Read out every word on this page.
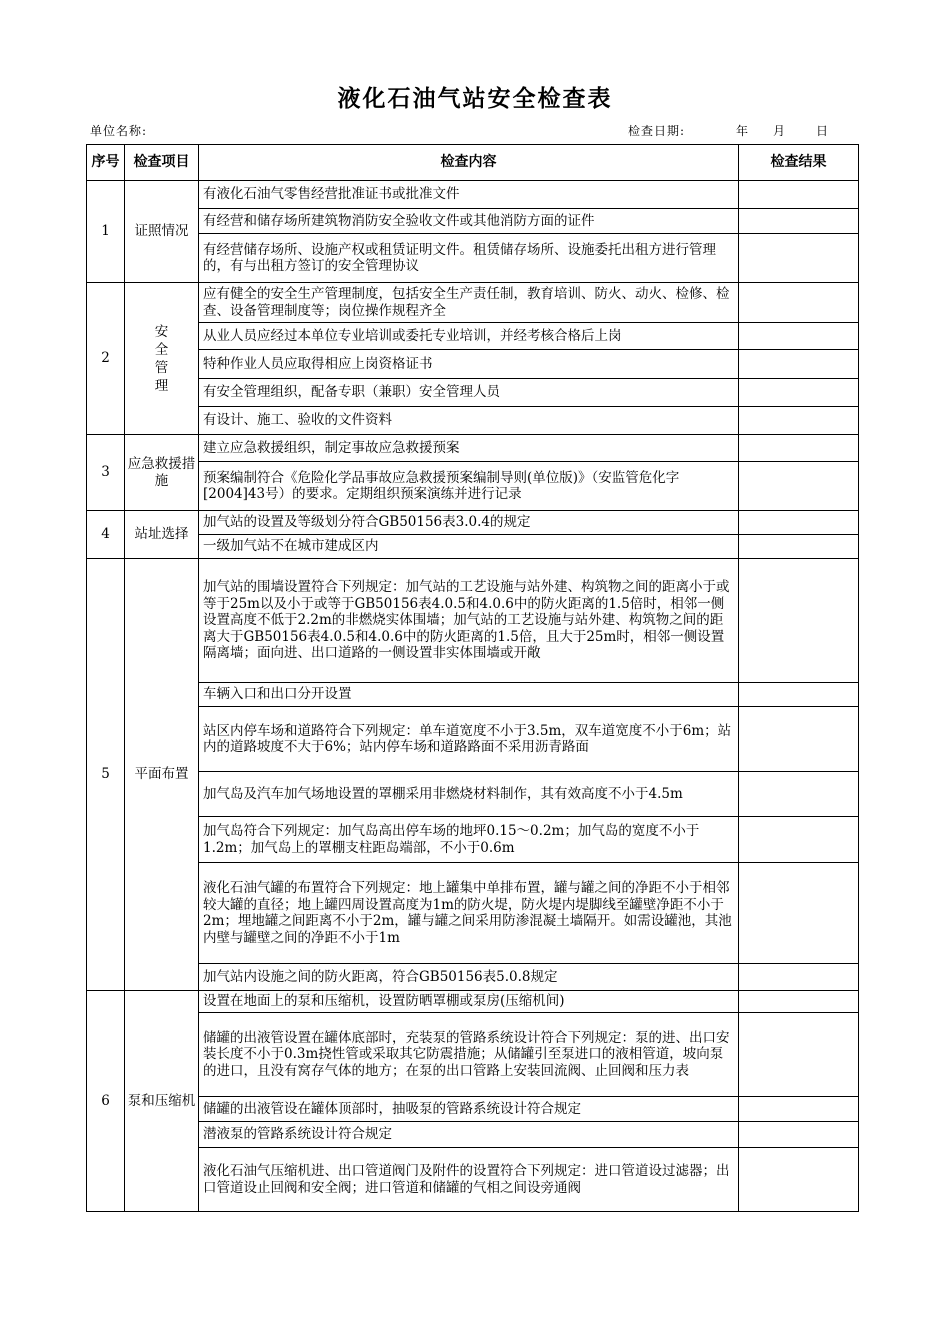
液化石油气站安全检查表
单位名称:	检查日期:	年 月 日
序号	检查项目	检查内容	检查结果
1	证照情况	有液化石油气零售经营批准证书或批准文件	
		有经营和储存场所建筑物消防安全验收文件或其他消防方面的证件	
		有经营储存场所、设施产权或租赁证明文件。租赁储存场所、设施委托出租方进行管理的，有与出租方签订的安全管理协议	
2	安全管理	应有健全的安全生产管理制度，包括安全生产责任制，教育培训、防火、动火、检修、检查、设备管理制度等；岗位操作规程齐全	
		从业人员应经过本单位专业培训或委托专业培训，并经考核合格后上岗	
		特种作业人员应取得相应上岗资格证书	
		有安全管理组织，配备专职（兼职）安全管理人员	
		有设计、施工、验收的文件资料	
3	应急救援措施	建立应急救援组织，制定事故应急救援预案	
		预案编制符合《危险化学品事故应急救援预案编制导则(单位版)》（安监管危化字[2004]43号）的要求。定期组织预案演练并进行记录	
4	站址选择	加气站的设置及等级划分符合GB50156表3.0.4的规定	
		一级加气站不在城市建成区内	
5	平面布置	加气站的围墙设置符合下列规定：加气站的工艺设施与站外建、构筑物之间的距离小于或等于25m以及小于或等于GB50156表4.0.5和4.0.6中的防火距离的1.5倍时，相邻一侧设置高度不低于2.2m的非燃烧实体围墙；加气站的工艺设施与站外建、构筑物之间的距离大于GB50156表4.0.5和4.0.6中的防火距离的1.5倍，且大于25m时，相邻一侧设置隔离墙；面向进、出口道路的一侧设置非实体围墙或开敞	
		车辆入口和出口分开设置	
		站区内停车场和道路符合下列规定：单车道宽度不小于3.5m，双车道宽度不小于6m；站内的道路坡度不大于6%；站内停车场和道路路面不采用沥青路面	
		加气岛及汽车加气场地设置的罩棚采用非燃烧材料制作，其有效高度不小于4.5m	
		加气岛符合下列规定：加气岛高出停车场的地坪0.15～0.2m；加气岛的宽度不小于1.2m；加气岛上的罩棚支柱距岛端部，不小于0.6m	
		液化石油气罐的布置符合下列规定：地上罐集中单排布置，罐与罐之间的净距不小于相邻较大罐的直径；地上罐四周设置高度为1m的防火堤，防火堤内堤脚线至罐壁净距不小于2m；埋地罐之间距离不小于2m，罐与罐之间采用防渗混凝土墙隔开。如需设罐池，其池内壁与罐壁之间的净距不小于1m	
		加气站内设施之间的防火距离，符合GB50156表5.0.8规定	
6	泵和压缩机	设置在地面上的泵和压缩机，设置防晒罩棚或泵房(压缩机间)	
		储罐的出液管设置在罐体底部时，充装泵的管路系统设计符合下列规定：泵的进、出口安装长度不小于0.3m挠性管或采取其它防震措施；从储罐引至泵进口的液相管道，坡向泵的进口，且没有窝存气体的地方；在泵的出口管路上安装回流阀、止回阀和压力表	
		储罐的出液管设在罐体顶部时，抽吸泵的管路系统设计符合规定	
		潜液泵的管路系统设计符合规定	
		液化石油气压缩机进、出口管道阀门及附件的设置符合下列规定：进口管道设过滤器；出口管道设止回阀和安全阀；进口管道和储罐的气相之间设旁通阀	
